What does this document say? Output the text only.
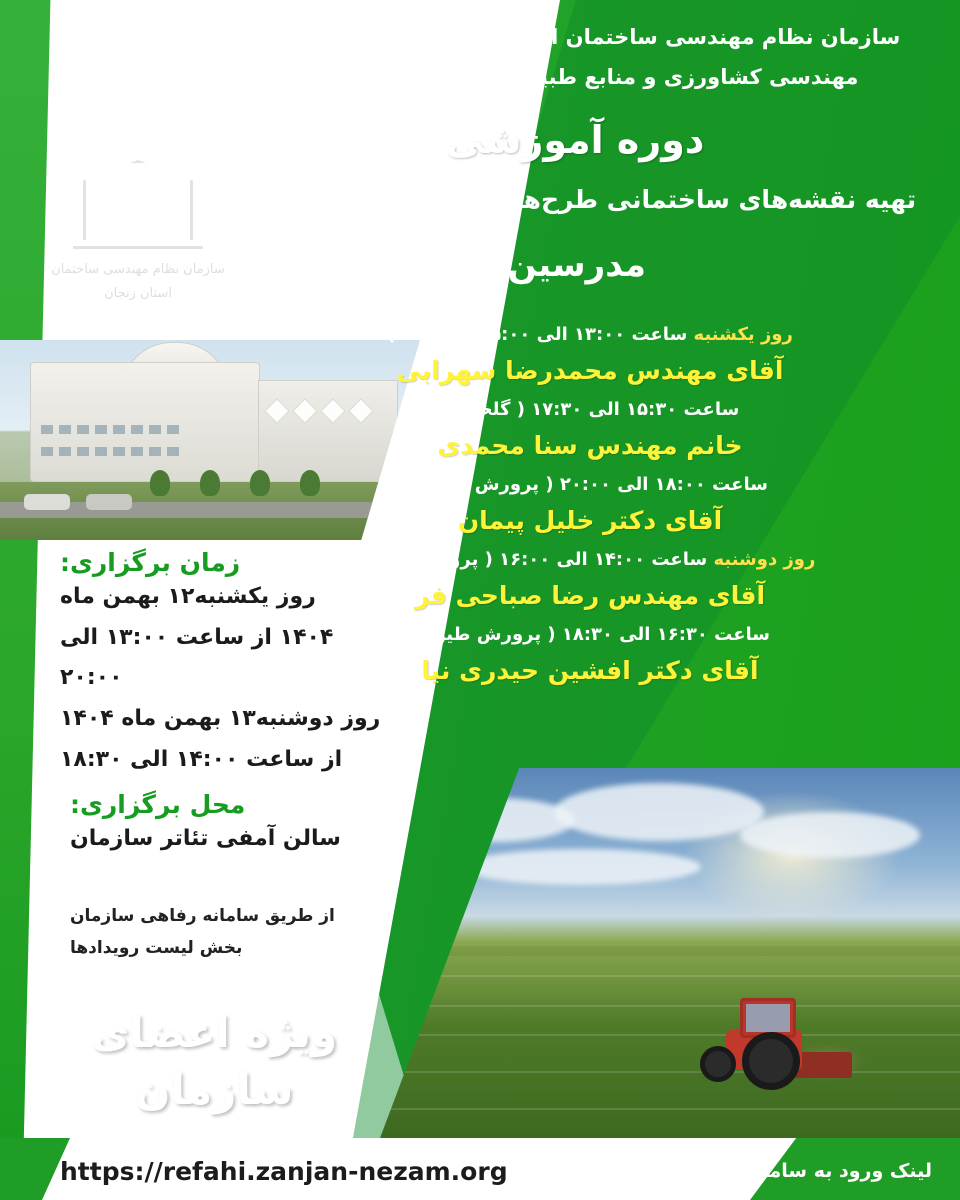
سازمان نظام مهندسی ساختمان
استان زنجان
سازمان نظام مهندسی ساختمان استان زنجان با همکاری سازمان نظام مهندسی کشاورزی و منابع طبیعی استان زنجان برگزار می‌کند:
دوره آموزشی
تهیه نقشه‌های ساختمانی طرح‌های کشاورزی و دامداری
مدرسین:
روز یکشنبه ساعت ۱۳:۰۰ الی ۱۵:۰۰ ( شیلات )
آقای مهندس محمدرضا سهرابی
ساعت ۱۵:۳۰ الی ۱۷:۳۰ ( گلخانه )
خانم مهندس سنا محمدی
ساعت ۱۸:۰۰ الی ۲۰:۰۰ ( پرورش قارچ )
آقای دکتر خلیل پیمان
روز دوشنبه ساعت ۱۴:۰۰ الی ۱۶:۰۰ ( پرورش دام )
آقای مهندس رضا صباحی فر
ساعت ۱۶:۳۰ الی ۱۸:۳۰ ( پرورش طیور )
آقای دکتر افشین حیدری نیا
زمان برگزاری:
روز یکشنبه۱۲ بهمن ماه
۱۴۰۴ از ساعت ۱۳:۰۰ الی ۲۰:۰۰
روز دوشنبه۱۳ بهمن ماه ۱۴۰۴
از ساعت ۱۴:۰۰ الی ۱۸:۳۰
محل برگزاری:
سالن آمفی تئاتر سازمان
از طریق سامانه رفاهی سازمان
بخش لیست رویدادها
ویژه اعضای
سازمان
https://refahi.zanjan-nezam.org	لینک ورود به سامانه رفاهی:
